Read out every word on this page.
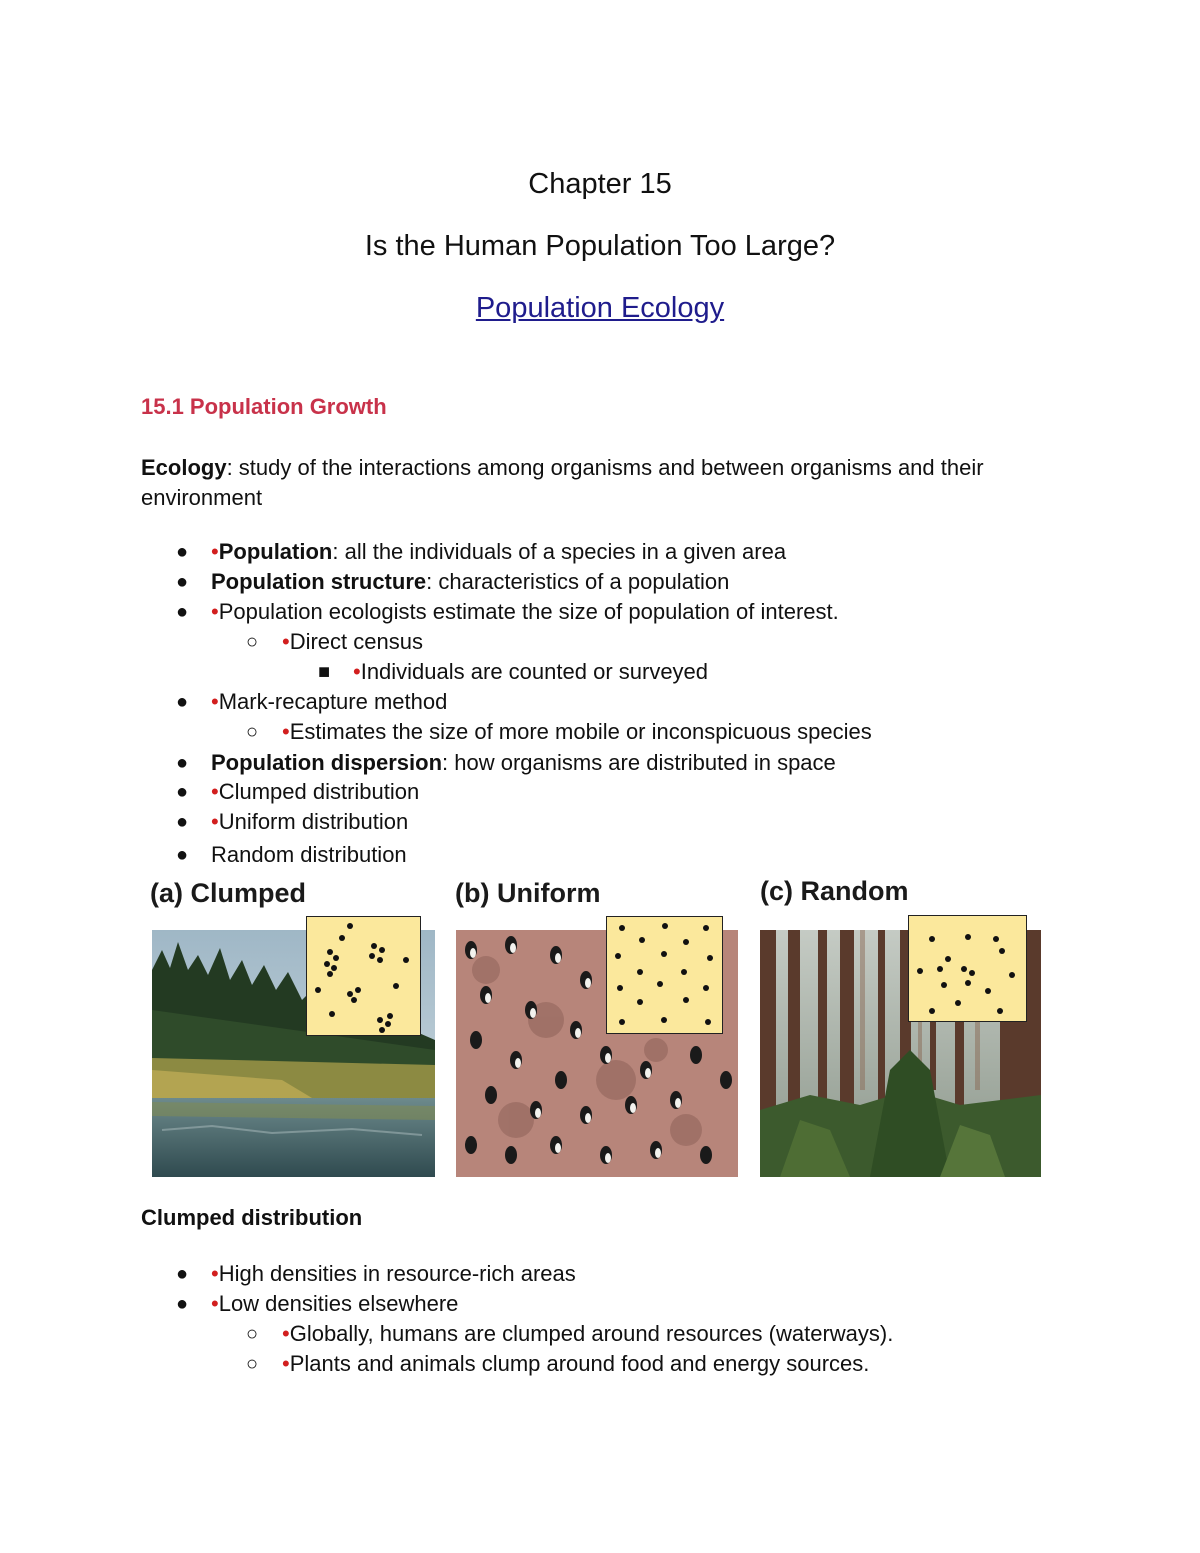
Chapter 15
Is the Human Population Too Large?
Population Ecology
15.1 Population Growth
Ecology: study of the interactions among organisms and between organisms and their environment
● •Population: all the individuals of a species in a given area
● Population structure: characteristics of a population
● •Population ecologists estimate the size of population of interest.
○ •Direct census
■ •Individuals are counted or surveyed
● •Mark-recapture method
○ •Estimates the size of more mobile or inconspicuous species
● Population dispersion: how organisms are distributed in space
● •Clumped distribution
● •Uniform distribution
● Random distribution
(a) Clumped	(b) Uniform	(c) Random
Clumped distribution
● •High densities in resource-rich areas
● •Low densities elsewhere
○ •Globally, humans are clumped around resources (waterways).
○ •Plants and animals clump around food and energy sources.
